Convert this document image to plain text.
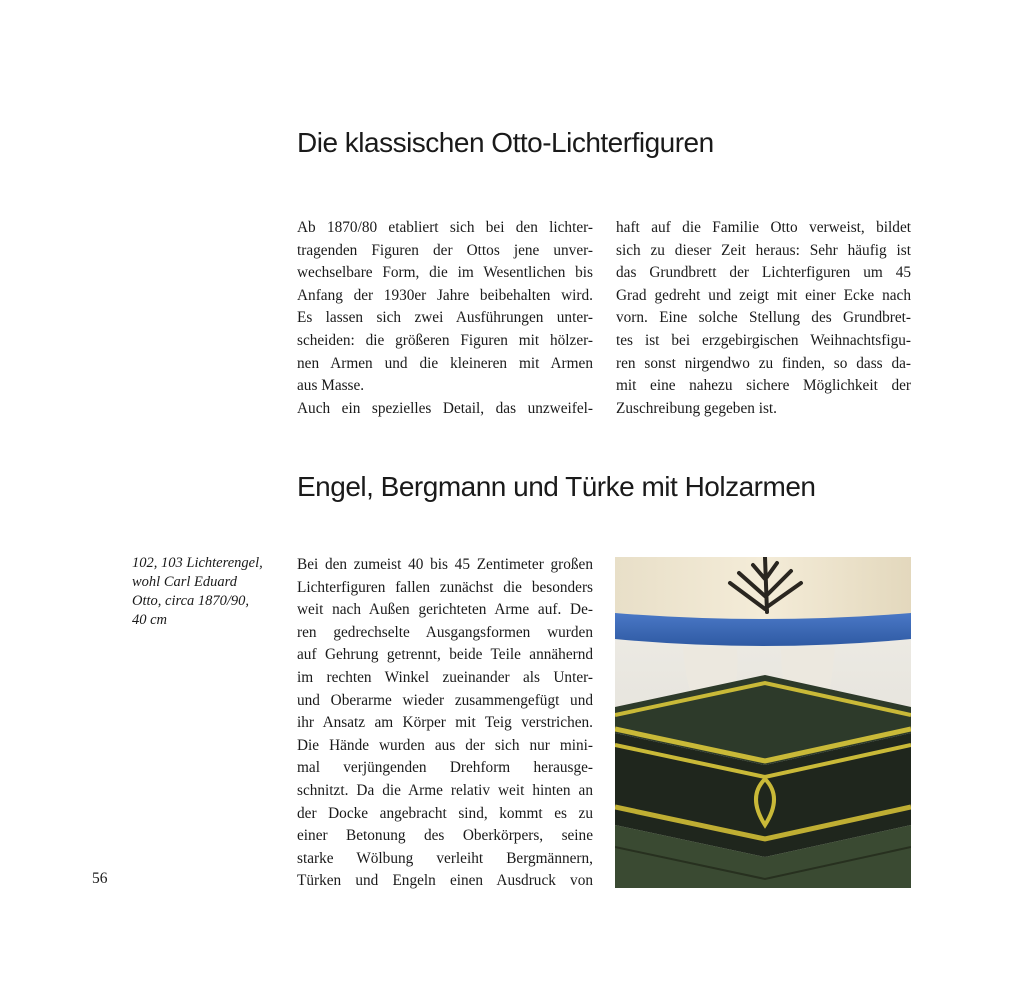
Die klassischen Otto-Lichterfiguren

Ab 1870/80 etabliert sich bei den lichter-
tragenden Figuren der Ottos jene unver-
wechselbare Form, die im Wesentlichen bis
Anfang der 1930er Jahre beibehalten wird.
Es lassen sich zwei Ausführungen unter-
scheiden: die größeren Figuren mit hölzer-
nen Armen und die kleineren mit Armen
aus Masse.
Auch ein spezielles Detail, das unzweifel-

haft auf die Familie Otto verweist, bildet
sich zu dieser Zeit heraus: Sehr häufig ist
das Grundbrett der Lichterfiguren um 45
Grad gedreht und zeigt mit einer Ecke nach
vorn. Eine solche Stellung des Grundbret-
tes ist bei erzgebirgischen Weihnachtsfigu-
ren sonst nirgendwo zu finden, so dass da-
mit eine nahezu sichere Möglichkeit der
Zuschreibung gegeben ist.

Engel, Bergmann und Türke mit Holzarmen

102, 103 Lichterengel,
wohl Carl Eduard
Otto, circa 1870/90,
40 cm

Bei den zumeist 40 bis 45 Zentimeter großen
Lichterfiguren fallen zunächst die besonders
weit nach Außen gerichteten Arme auf. De-
ren gedrechselte Ausgangsformen wurden
auf Gehrung getrennt, beide Teile annähernd
im rechten Winkel zueinander als Unter-
und Oberarme wieder zusammengefügt und
ihr Ansatz am Körper mit Teig verstrichen.
Die Hände wurden aus der sich nur mini-
mal verjüngenden Drehform herausge-
schnitzt. Da die Arme relativ weit hinten an
der Docke angebracht sind, kommt es zu
einer Betonung des Oberkörpers, seine
starke Wölbung verleiht Bergmännern,
Türken und Engeln einen Ausdruck von

56
